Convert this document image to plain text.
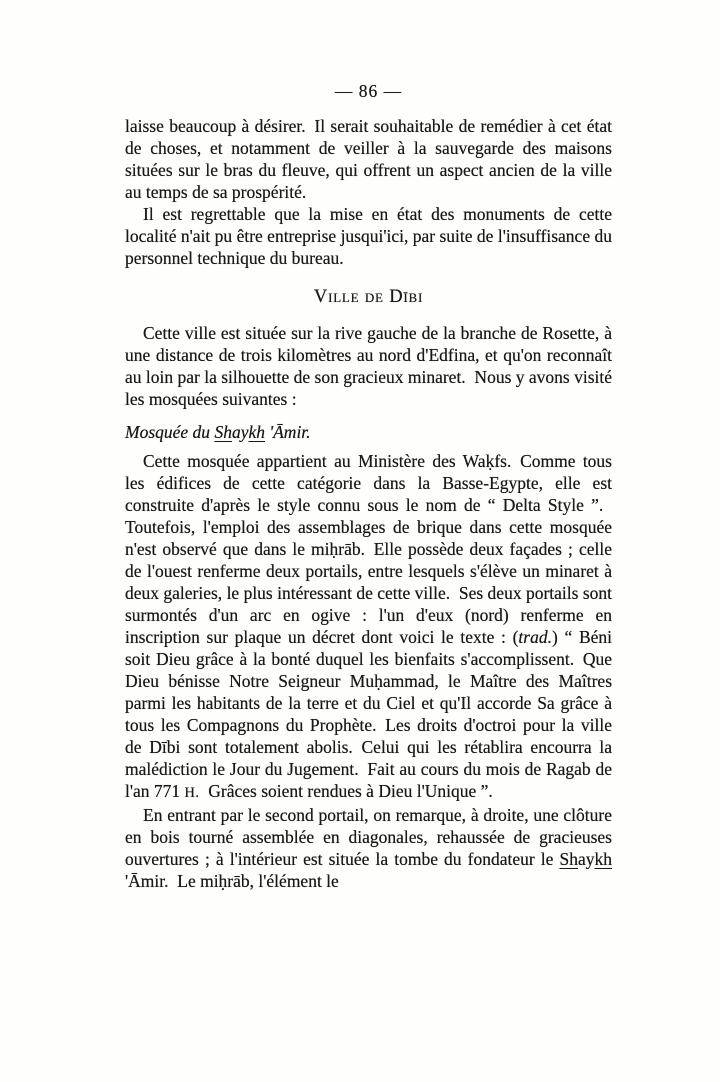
— 86 —

laisse beaucoup à désirer. Il serait souhaitable de remédier à cet état de choses, et notamment de veiller à la sauvegarde des maisons situées sur le bras du fleuve, qui offrent un aspect ancien de la ville au temps de sa prospérité.

Il est regrettable que la mise en état des monuments de cette localité n'ait pu être entreprise jusqui'ici, par suite de l'insuffisance du personnel technique du bureau.

Ville de Dībi

Cette ville est située sur la rive gauche de la branche de Rosette, à une distance de trois kilomètres au nord d'Edfina, et qu'on reconnaît au loin par la silhouette de son gracieux minaret. Nous y avons visité les mosquées suivantes :

Mosquée du Shaykh 'Āmir.

Cette mosquée appartient au Ministère des Waḳfs. Comme tous les édifices de cette catégorie dans la Basse-Egypte, elle est construite d'après le style connu sous le nom de “ Delta Style ”. Toutefois, l'emploi des assemblages de brique dans cette mosquée n'est observé que dans le miḥrāb. Elle possède deux façades ; celle de l'ouest renferme deux portails, entre lesquels s'élève un minaret à deux galeries, le plus intéressant de cette ville. Ses deux portails sont surmontés d'un arc en ogive : l'un d'eux (nord) renferme en inscription sur plaque un décret dont voici le texte : (trad.) “ Béni soit Dieu grâce à la bonté duquel les bienfaits s'accomplissent. Que Dieu bénisse Notre Seigneur Muḥammad, le Maître des Maîtres parmi les habitants de la terre et du Ciel et qu'Il accorde Sa grâce à tous les Compagnons du Prophète. Les droits d'octroi pour la ville de Dībi sont totalement abolis. Celui qui les rétablira encourra la malédiction le Jour du Jugement. Fait au cours du mois de Ragab de l'an 771 H. Grâces soient rendues à Dieu l'Unique ”.

En entrant par le second portail, on remarque, à droite, une clôture en bois tourné assemblée en diagonales, rehaussée de gracieuses ouvertures ; à l'intérieur est située la tombe du fondateur le Shaykh 'Āmir. Le miḥrāb, l'élément le
